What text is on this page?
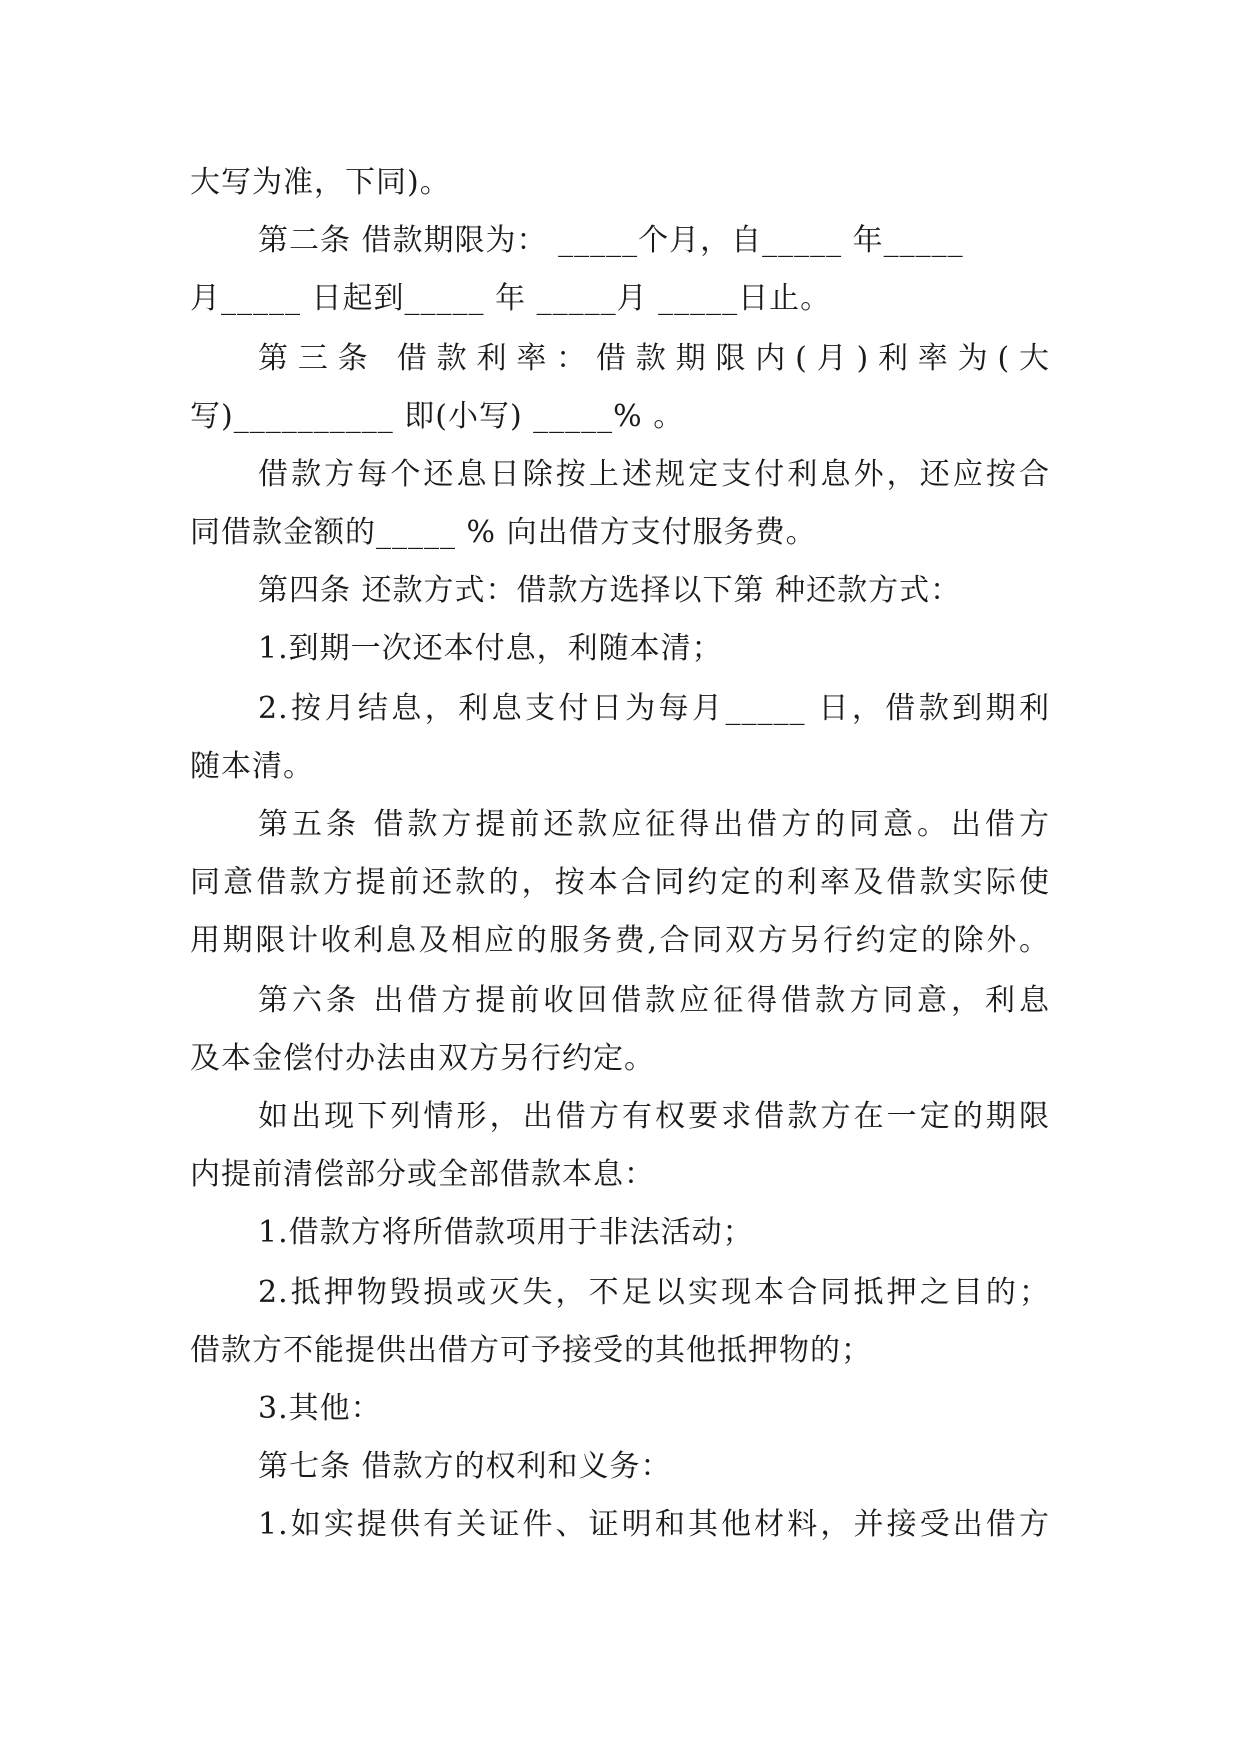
大写为准，下同)。
第二条 借款期限为： _____个月，自_____ 年_____
月_____ 日起到_____ 年 _____月 _____日止。
第三条 借款利率：借款期限内(月)利率为(大
写)__________ 即(小写) _____% 。
借款方每个还息日除按上述规定支付利息外，还应按合
同借款金额的_____ % 向出借方支付服务费。
第四条 还款方式：借款方选择以下第 种还款方式：
1.到期一次还本付息，利随本清；
2.按月结息，利息支付日为每月_____ 日，借款到期利
随本清。
第五条 借款方提前还款应征得出借方的同意。出借方
同意借款方提前还款的，按本合同约定的利率及借款实际使
用期限计收利息及相应的服务费,合同双方另行约定的除外。
第六条 出借方提前收回借款应征得借款方同意，利息
及本金偿付办法由双方另行约定。
如出现下列情形，出借方有权要求借款方在一定的期限
内提前清偿部分或全部借款本息：
1.借款方将所借款项用于非法活动；
2.抵押物毁损或灭失，不足以实现本合同抵押之目的；
借款方不能提供出借方可予接受的其他抵押物的；
3.其他：
第七条 借款方的权利和义务：
1.如实提供有关证件、证明和其他材料，并接受出借方
